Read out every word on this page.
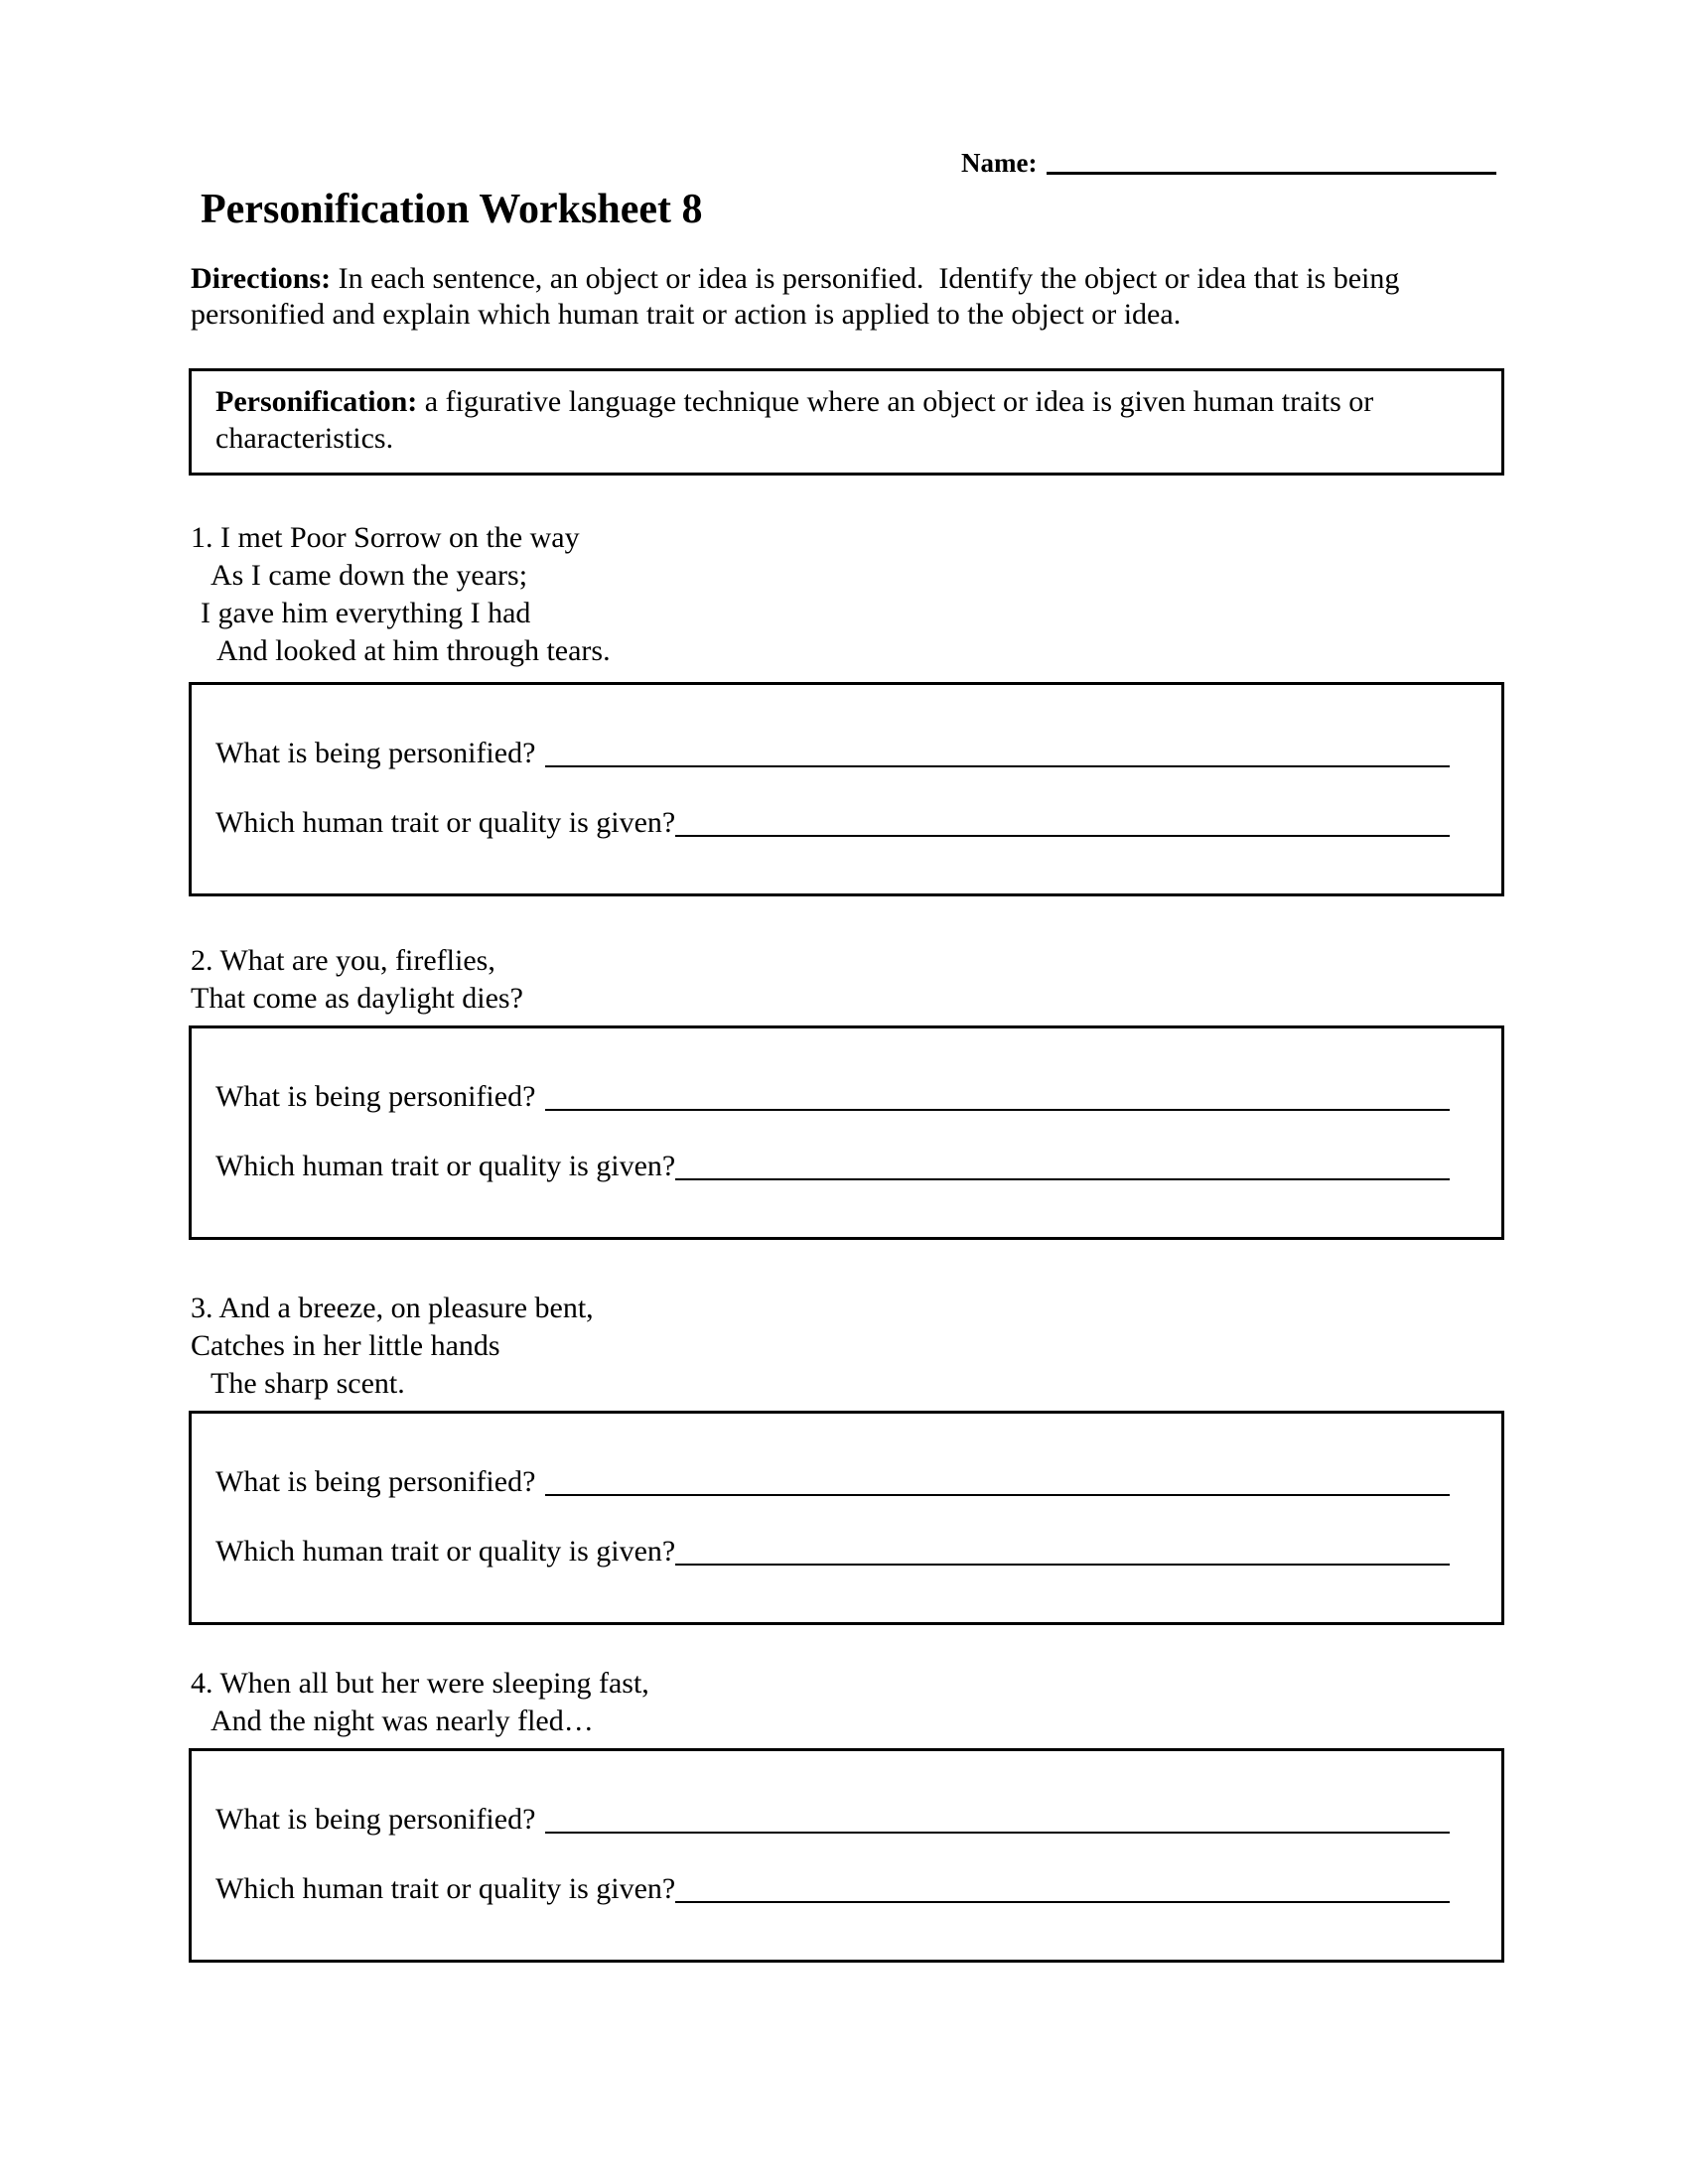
Name:
Personification Worksheet 8

Directions: In each sentence, an object or idea is personified.  Identify the object or idea that is being personified and explain which human trait or action is applied to the object or idea.

Personification: a figurative language technique where an object or idea is given human traits or characteristics.

1. I met Poor Sorrow on the way
As I came down the years;
I gave him everything I had
And looked at him through tears.
What is being personified?
Which human trait or quality is given?
2. What are you, fireflies,
That come as daylight dies?
What is being personified?
Which human trait or quality is given?
3. And a breeze, on pleasure bent,
Catches in her little hands
The sharp scent.
What is being personified?
Which human trait or quality is given?
4. When all but her were sleeping fast,
And the night was nearly fled…
What is being personified?
Which human trait or quality is given?
